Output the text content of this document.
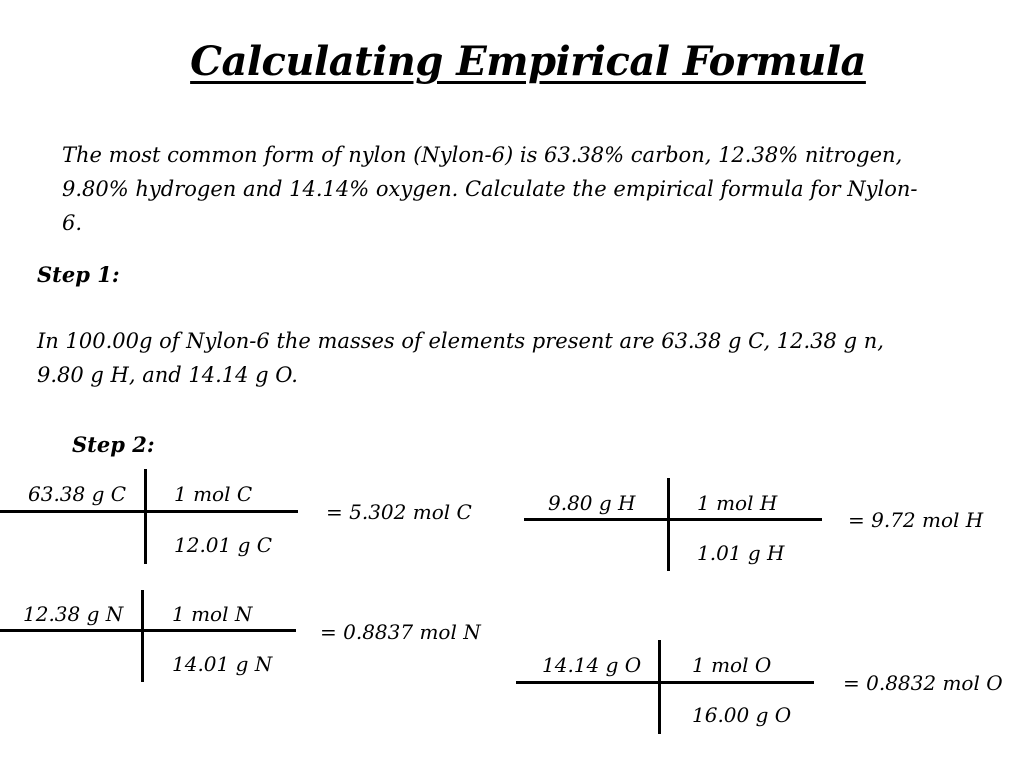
Calculating Empirical Formula
The most common form of nylon (Nylon-6) is 63.38% carbon, 12.38% nitrogen, 9.80% hydrogen and 14.14% oxygen. Calculate the empirical formula for Nylon-6.
Step 1:
In 100.00g of Nylon-6 the masses of elements present are 63.38 g C, 12.38 g n, 9.80 g H, and 14.14 g O.
Step 2:
63.38 g C 1 mol C
12.01 g C
= 5.302 mol C	9.80 g H	1 mol H
1.01 g H
= 9.72 mol H
12.38 g N 1 mol N
14.01 g N
= 0.8837 mol N
14.14 g O	1 mol O
16.00 g O
= 0.8832 mol O
